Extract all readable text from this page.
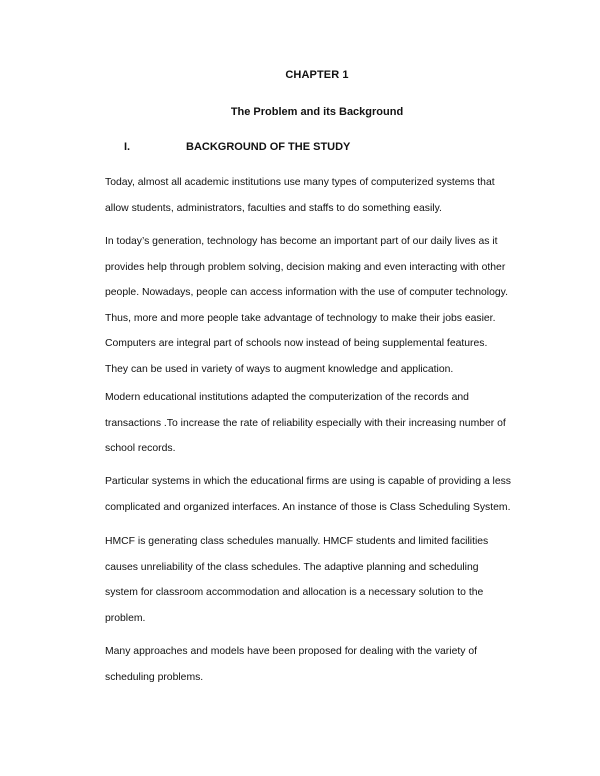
CHAPTER 1
The Problem and its Background
I.	BACKGROUND OF THE STUDY

Today, almost all academic institutions use many types of computerized systems that
allow students, administrators, faculties and staffs to do something easily.

In today’s generation, technology has become an important part of our daily lives as it
provides help through problem solving, decision making and even interacting with other
people. Nowadays, people can access information with the use of computer technology.
Thus, more and more people take advantage of technology to make their jobs easier.
Computers are integral part of schools now instead of being supplemental features.
They can be used in variety of ways to augment knowledge and application.

Modern educational institutions adapted the computerization of the records and
transactions .To increase the rate of reliability especially with their increasing number of
school records.

Particular systems in which the educational firms are using is capable of providing a less
complicated and organized interfaces. An instance of those is Class Scheduling System.

HMCF is generating class schedules manually. HMCF students and limited facilities
causes unreliability of the class schedules. The adaptive planning and scheduling
system for classroom accommodation and allocation is a necessary solution to the
problem.

Many approaches and models have been proposed for dealing with the variety of
scheduling problems.
